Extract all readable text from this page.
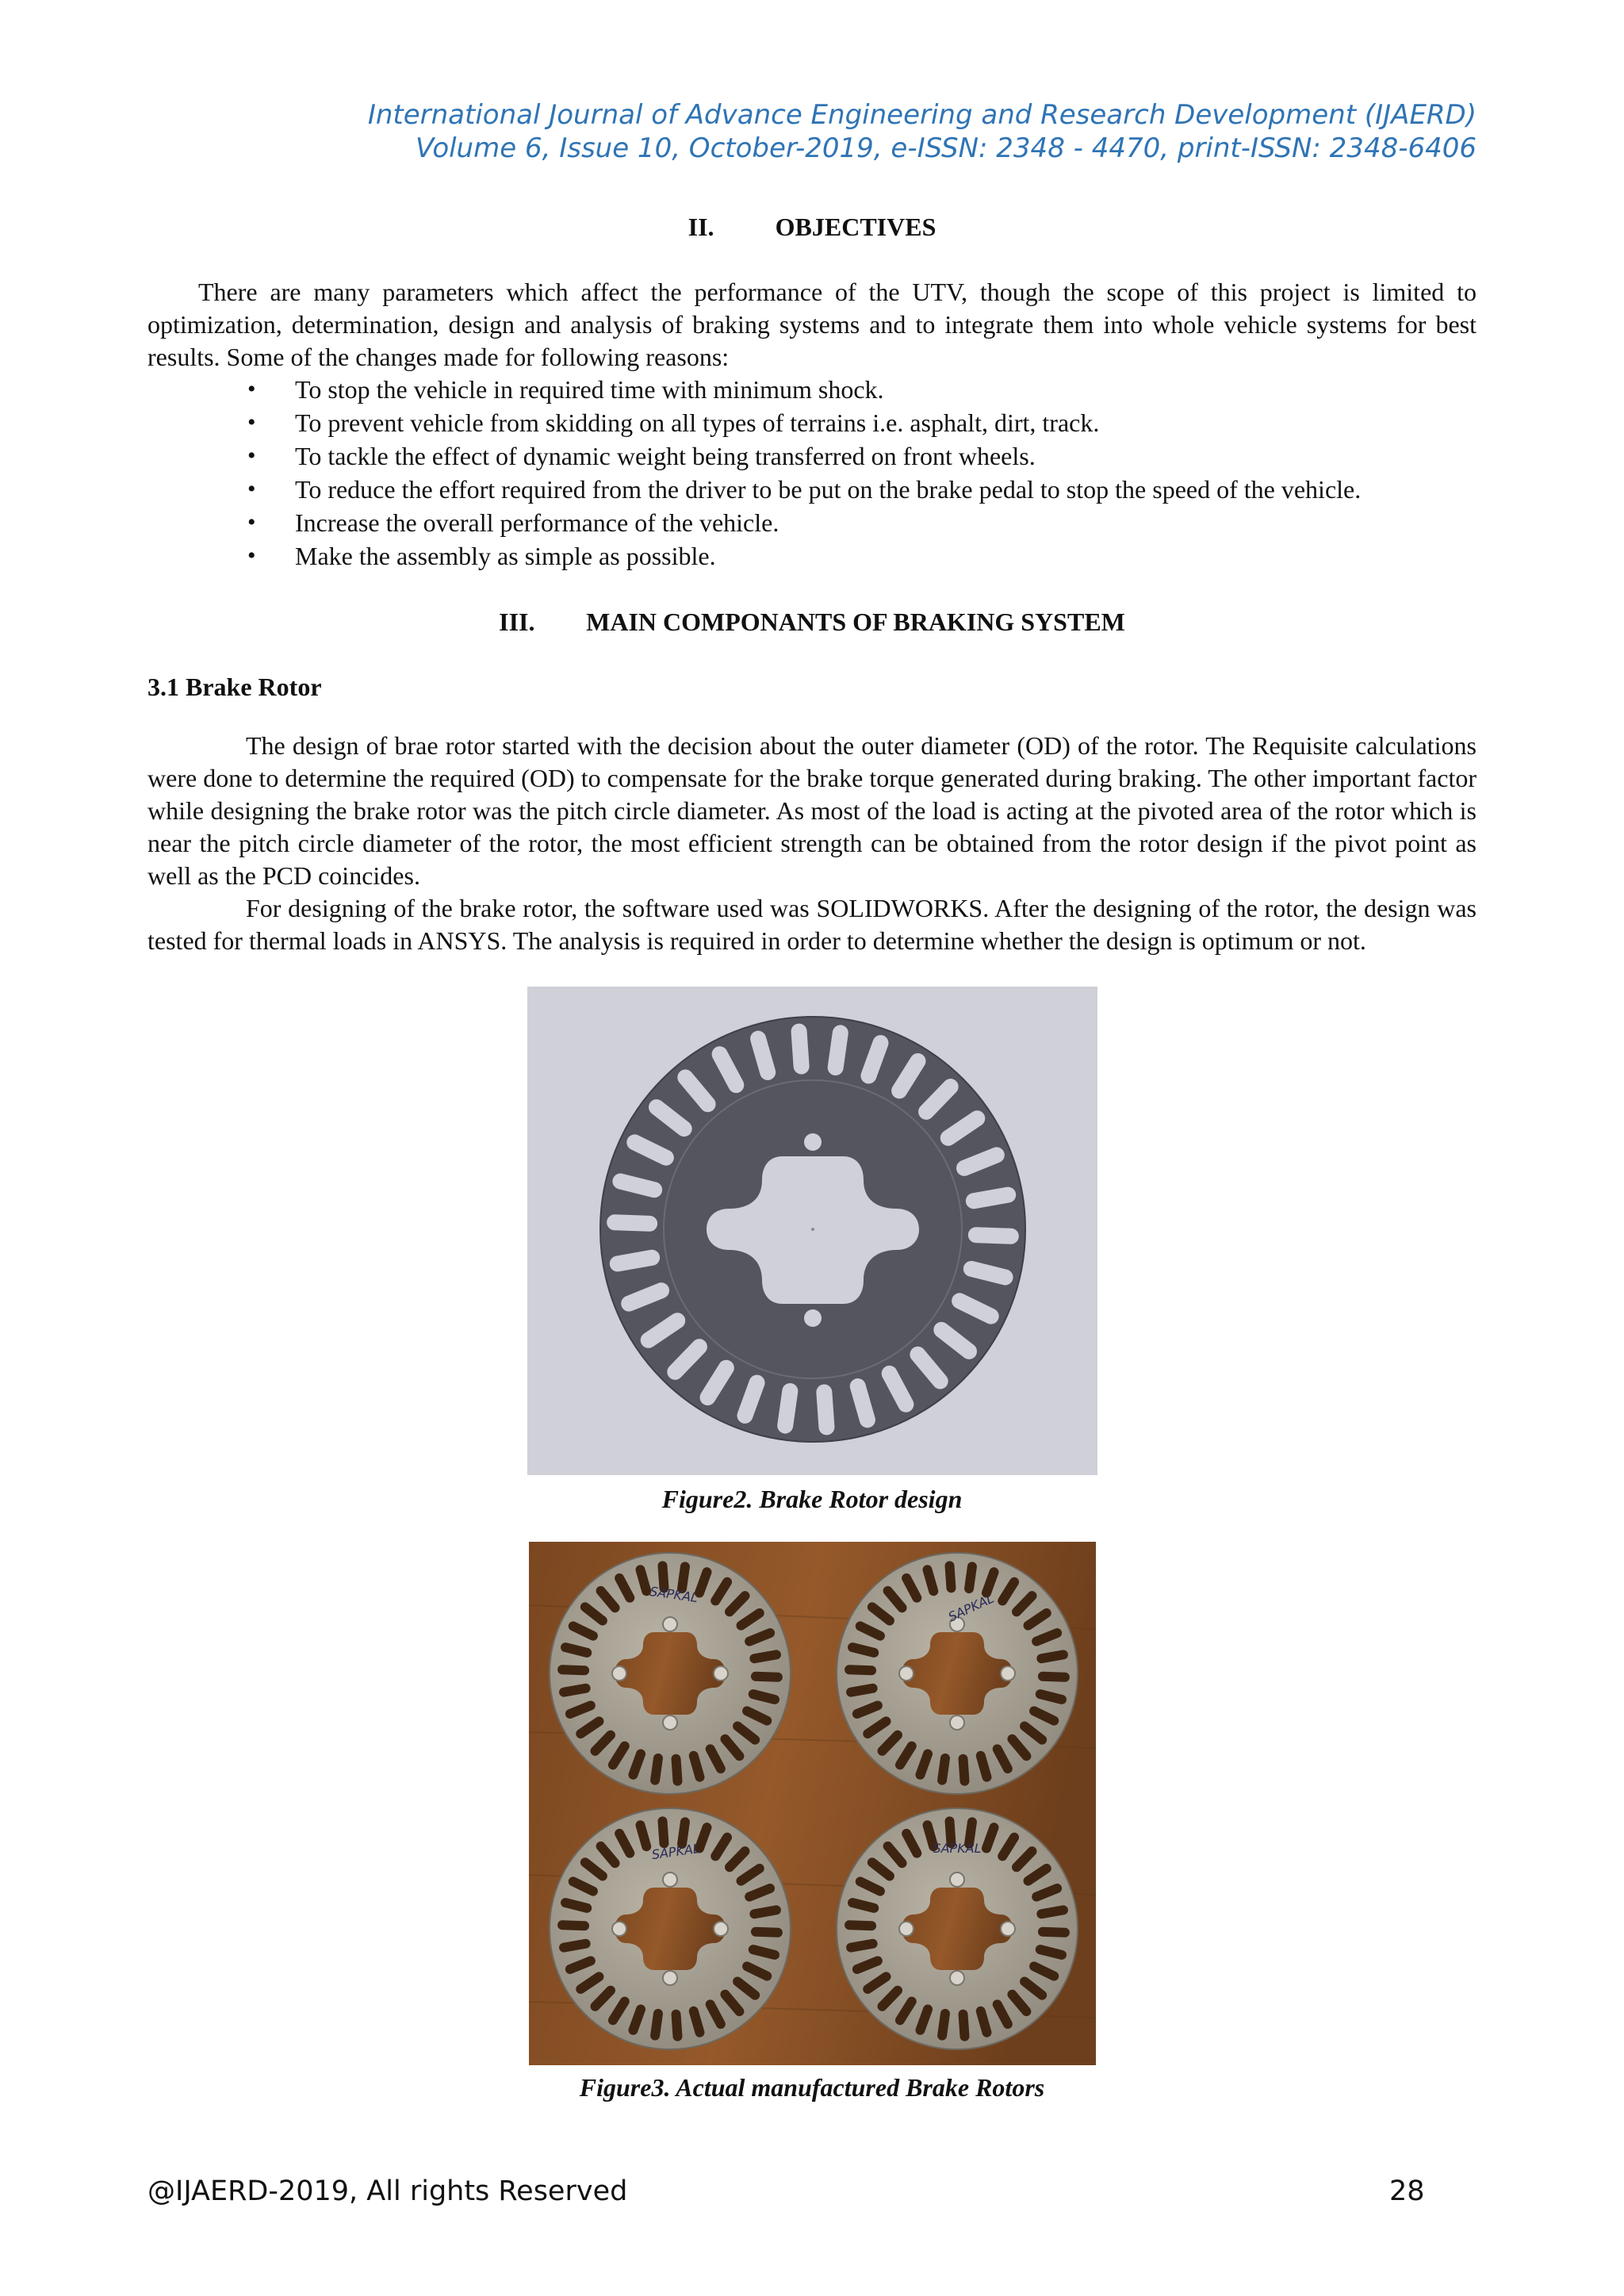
International Journal of Advance Engineering and Research Development (IJAERD)
Volume 6, Issue 10, October-2019, e-ISSN: 2348 - 4470, print-ISSN: 2348-6406
II. OBJECTIVES

There are many parameters which affect the performance of the UTV, though the scope of this project is limited to optimization, determination, design and analysis of braking systems and to integrate them into whole vehicle systems for best results. Some of the changes made for following reasons:

• To stop the vehicle in required time with minimum shock.
• To prevent vehicle from skidding on all types of terrains i.e. asphalt, dirt, track.
• To tackle the effect of dynamic weight being transferred on front wheels.
• To reduce the effort required from the driver to be put on the brake pedal to stop the speed of the vehicle.
• Increase the overall performance of the vehicle.
• Make the assembly as simple as possible.
III. MAIN COMPONANTS OF BRAKING SYSTEM
3.1 Brake Rotor

The design of brae rotor started with the decision about the outer diameter (OD) of the rotor. The Requisite calculations were done to determine the required (OD) to compensate for the brake torque generated during braking. The other important factor while designing the brake rotor was the pitch circle diameter. As most of the load is acting at the pivoted area of the rotor which is near the pitch circle diameter of the rotor, the most efficient strength can be obtained from the rotor design if the pivot point as well as the PCD coincides.

For designing of the brake rotor, the software used was SOLIDWORKS. After the designing of the rotor, the design was tested for thermal loads in ANSYS. The analysis is required in order to determine whether the design is optimum or not.

Figure2. Brake Rotor design
SAPKAL	SAPKAL
SAPKAL	SAPKAL
Figure3. Actual manufactured Brake Rotors
@IJAERD-2019, All rights Reserved	28
